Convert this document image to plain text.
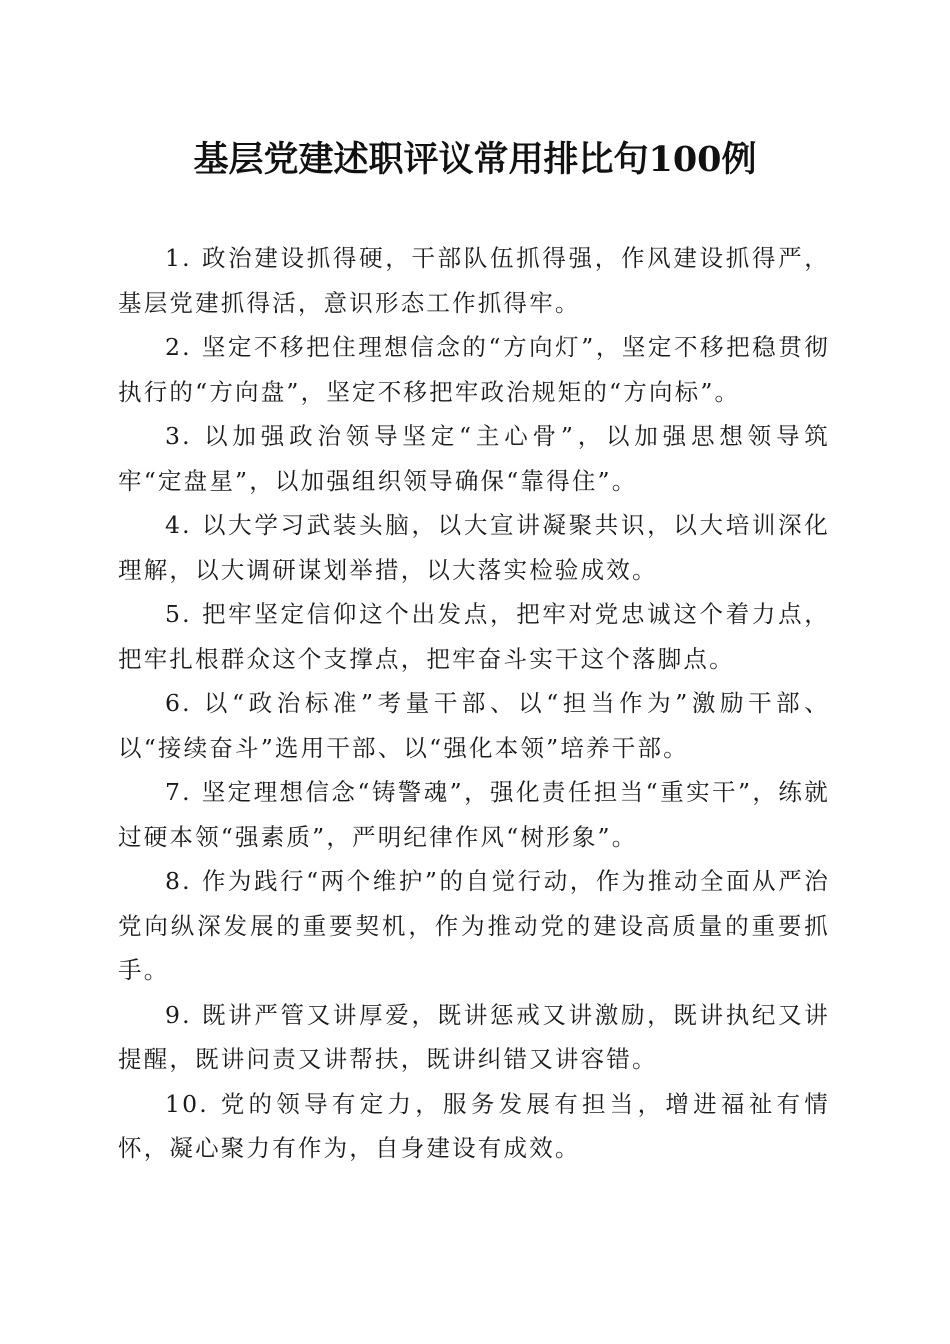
基层党建述职评议常用排比句100例

1. 政治建设抓得硬，干部队伍抓得强，作风建设抓得严，基层党建抓得活，意识形态工作抓得牢。

2. 坚定不移把住理想信念的“方向灯”，坚定不移把稳贯彻执行的“方向盘”，坚定不移把牢政治规矩的“方向标”。

3. 以加强政治领导坚定“主心骨”，以加强思想领导筑牢“定盘星”，以加强组织领导确保“靠得住”。

4. 以大学习武装头脑，以大宣讲凝聚共识，以大培训深化理解，以大调研谋划举措，以大落实检验成效。

5. 把牢坚定信仰这个出发点，把牢对党忠诚这个着力点，把牢扎根群众这个支撑点，把牢奋斗实干这个落脚点。

6. 以“政治标准”考量干部、以“担当作为”激励干部、以“接续奋斗”选用干部、以“强化本领”培养干部。

7. 坚定理想信念“铸警魂”，强化责任担当“重实干”，练就过硬本领“强素质”，严明纪律作风“树形象”。

8. 作为践行“两个维护”的自觉行动，作为推动全面从严治党向纵深发展的重要契机，作为推动党的建设高质量的重要抓手。

9. 既讲严管又讲厚爱，既讲惩戒又讲激励，既讲执纪又讲提醒，既讲问责又讲帮扶，既讲纠错又讲容错。

10. 党的领导有定力，服务发展有担当，增进福祉有情怀，凝心聚力有作为，自身建设有成效。
